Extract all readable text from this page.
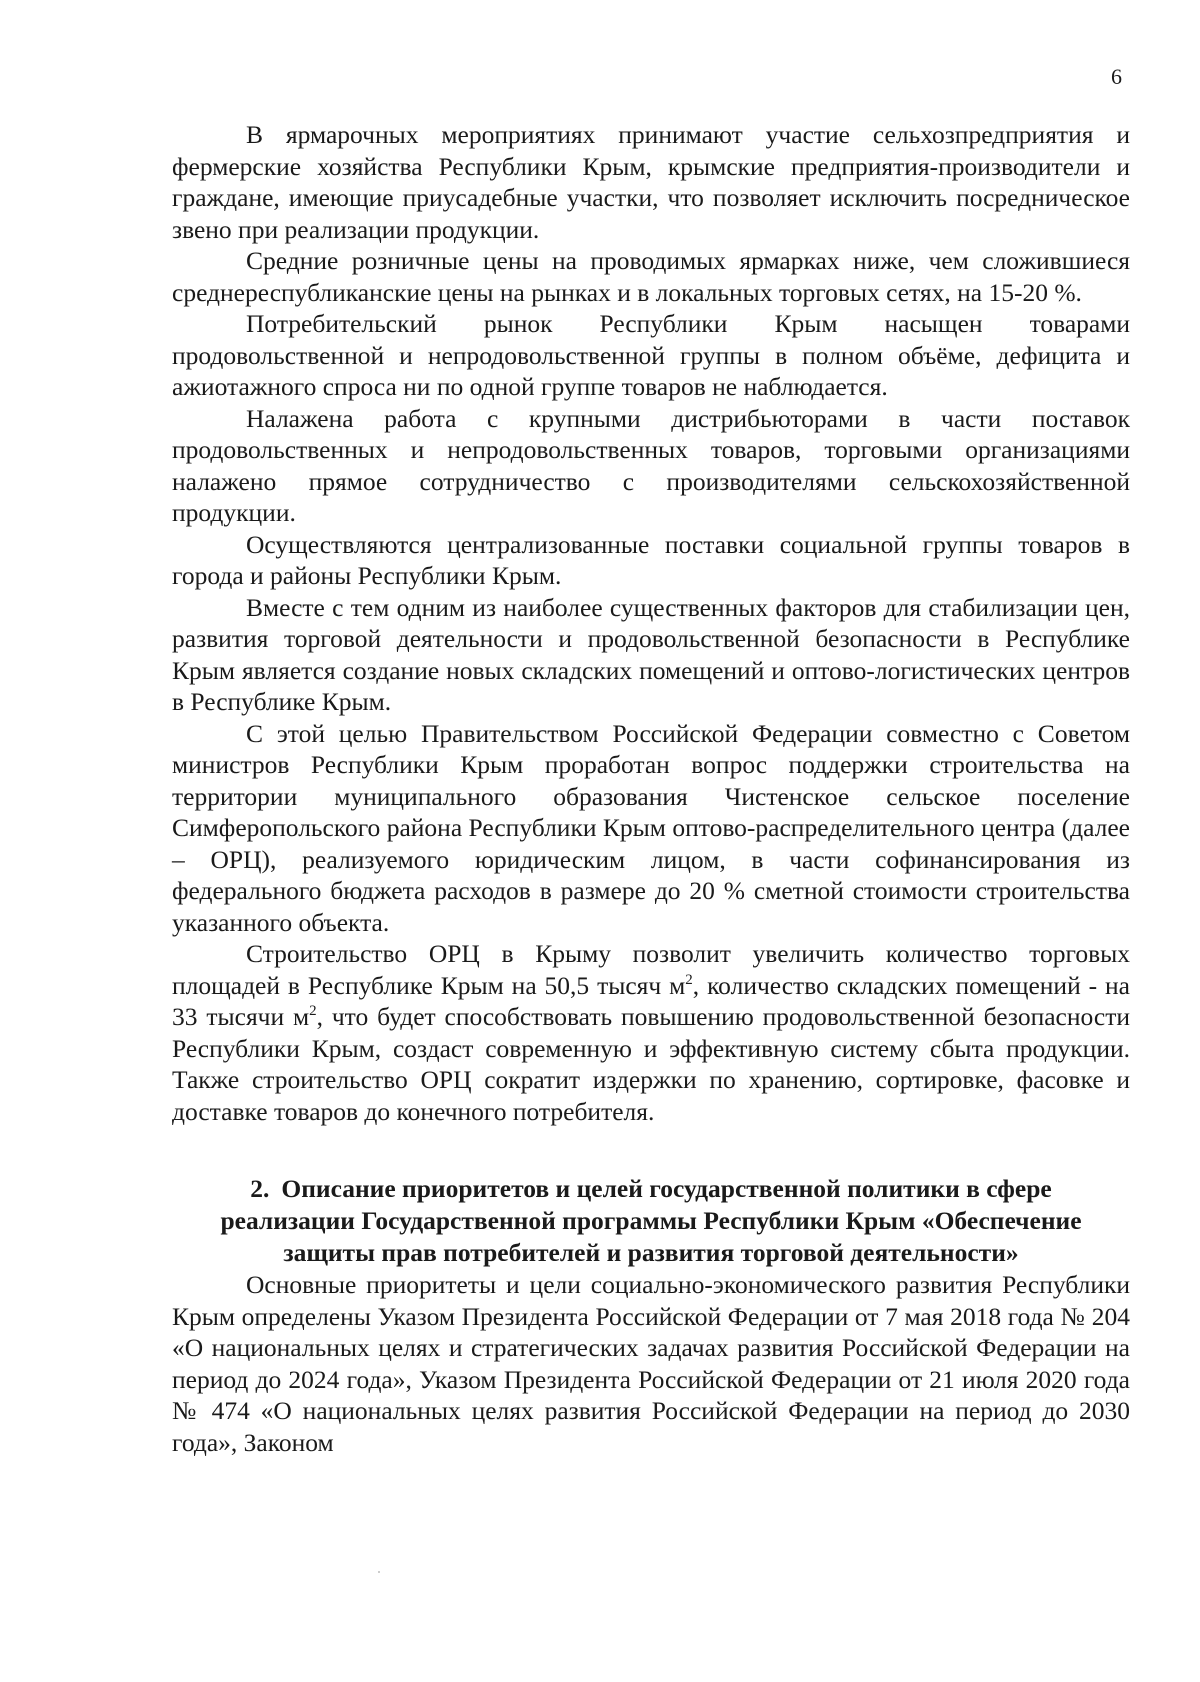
6

В ярмарочных мероприятиях принимают участие сельхозпредприятия и фермерские хозяйства Республики Крым, крымские предприятия-производители и граждане, имеющие приусадебные участки, что позволяет исключить посредническое звено при реализации продукции.

Средние розничные цены на проводимых ярмарках ниже, чем сложившиеся среднереспубликанские цены на рынках и в локальных торговых сетях, на 15-20 %.

Потребительский рынок Республики Крым насыщен товарами продовольственной и непродовольственной группы в полном объёме, дефицита и ажиотажного спроса ни по одной группе товаров не наблюдается.

Налажена работа с крупными дистрибьюторами в части поставок продовольственных и непродовольственных товаров, торговыми организациями налажено прямое сотрудничество с производителями сельскохозяйственной продукции.

Осуществляются централизованные поставки социальной группы товаров в города и районы Республики Крым.

Вместе с тем одним из наиболее существенных факторов для стабилизации цен, развития торговой деятельности и продовольственной безопасности в Республике Крым является создание новых складских помещений и оптово-логистических центров в Республике Крым.

С этой целью Правительством Российской Федерации совместно с Советом министров Республики Крым проработан вопрос поддержки строительства на территории муниципального образования Чистенское сельское поселение Симферопольского района Республики Крым оптово-распределительного центра (далее – ОРЦ), реализуемого юридическим лицом, в части софинансирования из федерального бюджета расходов в размере до 20 % сметной стоимости строительства указанного объекта.

Строительство ОРЦ в Крыму позволит увеличить количество торговых площадей в Республике Крым на 50,5 тысяч $м^2$, количество складских помещений - на 33 тысячи $м^2$, что будет способствовать повышению продовольственной безопасности Республики Крым, создаст современную и эффективную систему сбыта продукции. Также строительство ОРЦ сократит издержки по хранению, сортировке, фасовке и доставке товаров до конечного потребителя.

2. Описание приоритетов и целей государственной политики в сфере реализации Государственной программы Республики Крым «Обеспечение защиты прав потребителей и развития торговой деятельности»

Основные приоритеты и цели социально-экономического развития Республики Крым определены Указом Президента Российской Федерации от 7 мая 2018 года № 204 «О национальных целях и стратегических задачах развития Российской Федерации на период до 2024 года», Указом Президента Российской Федерации от 21 июля 2020 года № 474 «О национальных целях развития Российской Федерации на период до 2030 года», Законом
